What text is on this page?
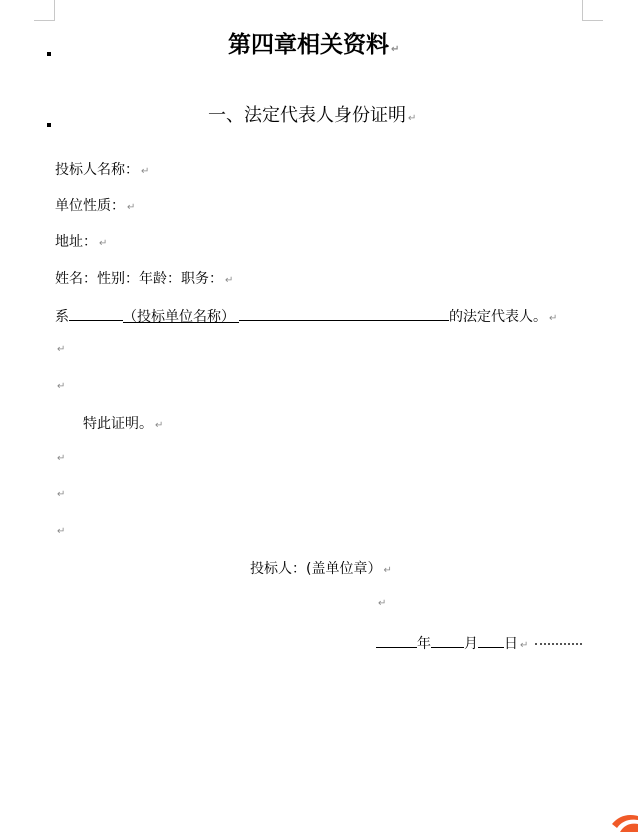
第四章相关资料 ↵
一、法定代表人身份证明 ↵
投标人名称： ↵
单位性质： ↵
地址： ↵
姓名：性别：年龄：职务： ↵
系	（投标单位名称）	的法定代表人。 ↵
↵
↵
特此证明。 ↵
↵
↵
↵
投标人：(盖单位章） ↵
↵
年 月 日 ↵
